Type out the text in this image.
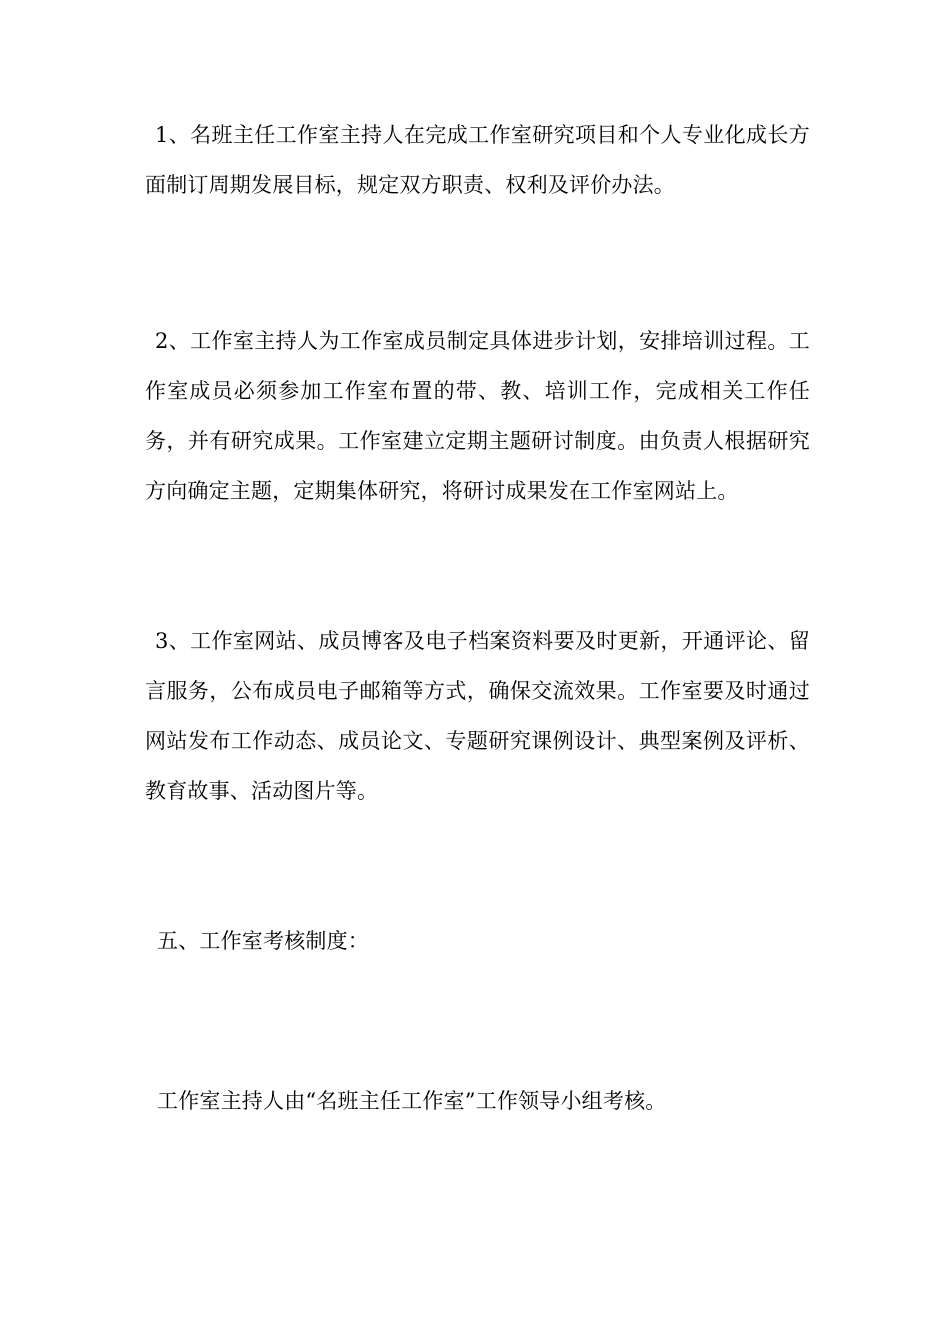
1、名班主任工作室主持人在完成工作室研究项目和个人专业化成长方面制订周期发展目标，规定双方职责、权利及评价办法。

2、工作室主持人为工作室成员制定具体进步计划，安排培训过程。工作室成员必须参加工作室布置的带、教、培训工作，完成相关工作任务，并有研究成果。工作室建立定期主题研讨制度。由负责人根据研究方向确定主题，定期集体研究，将研讨成果发在工作室网站上。

3、工作室网站、成员博客及电子档案资料要及时更新，开通评论、留言服务，公布成员电子邮箱等方式，确保交流效果。工作室要及时通过网站发布工作动态、成员论文、专题研究课例设计、典型案例及评析、教育故事、活动图片等。

五、工作室考核制度：

工作室主持人由“名班主任工作室”工作领导小组考核。
